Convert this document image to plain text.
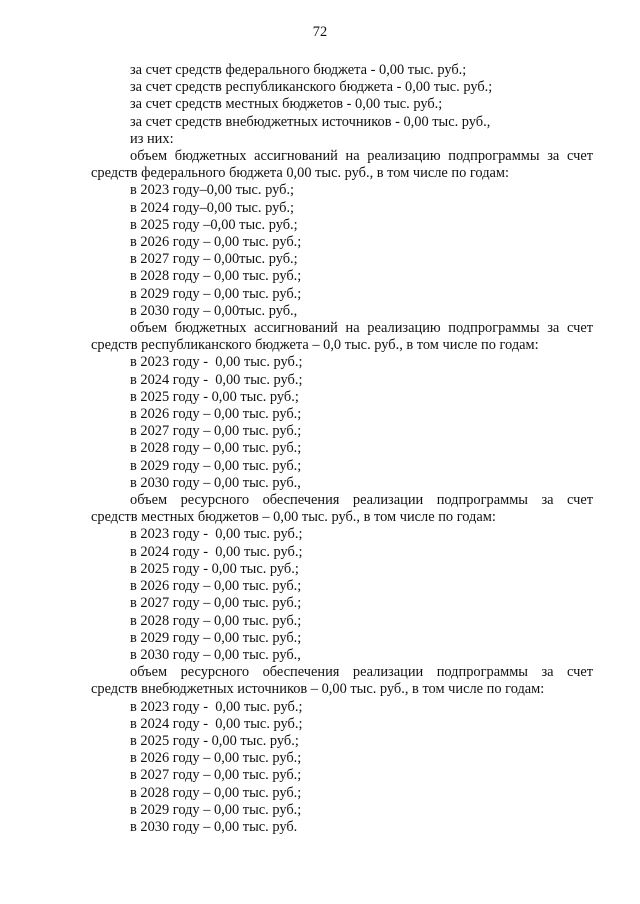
72

за счет средств федерального бюджета - 0,00 тыс. руб.;

за счет средств республиканского бюджета - 0,00 тыс. руб.;

за счет средств местных бюджетов - 0,00 тыс. руб.;

за счет средств внебюджетных источников - 0,00 тыс. руб.,

из них:

объем бюджетных ассигнований на реализацию подпрограммы за счет

средств федерального бюджета 0,00 тыс. руб., в том числе по годам:

в 2023 году–0,00 тыс. руб.;

в 2024 году–0,00 тыс. руб.;

в 2025 году –0,00 тыс. руб.;

в 2026 году – 0,00 тыс. руб.;

в 2027 году – 0,00тыс. руб.;

в 2028 году – 0,00 тыс. руб.;

в 2029 году – 0,00 тыс. руб.;

в 2030 году – 0,00тыс. руб.,

объем бюджетных ассигнований на реализацию подпрограммы за счет

средств республиканского бюджета – 0,0 тыс. руб., в том числе по годам:

в 2023 году -  0,00 тыс. руб.;

в 2024 году -  0,00 тыс. руб.;

в 2025 году - 0,00 тыс. руб.;

в 2026 году – 0,00 тыс. руб.;

в 2027 году – 0,00 тыс. руб.;

в 2028 году – 0,00 тыс. руб.;

в 2029 году – 0,00 тыс. руб.;

в 2030 году – 0,00 тыс. руб.,

объем ресурсного обеспечения реализации подпрограммы за счет

средств местных бюджетов – 0,00 тыс. руб., в том числе по годам:

в 2023 году -  0,00 тыс. руб.;

в 2024 году -  0,00 тыс. руб.;

в 2025 году - 0,00 тыс. руб.;

в 2026 году – 0,00 тыс. руб.;

в 2027 году – 0,00 тыс. руб.;

в 2028 году – 0,00 тыс. руб.;

в 2029 году – 0,00 тыс. руб.;

в 2030 году – 0,00 тыс. руб.,

объем ресурсного обеспечения реализации подпрограммы за счет

средств внебюджетных источников – 0,00 тыс. руб., в том числе по годам:

в 2023 году -  0,00 тыс. руб.;

в 2024 году -  0,00 тыс. руб.;

в 2025 году - 0,00 тыс. руб.;

в 2026 году – 0,00 тыс. руб.;

в 2027 году – 0,00 тыс. руб.;

в 2028 году – 0,00 тыс. руб.;

в 2029 году – 0,00 тыс. руб.;

в 2030 году – 0,00 тыс. руб.
